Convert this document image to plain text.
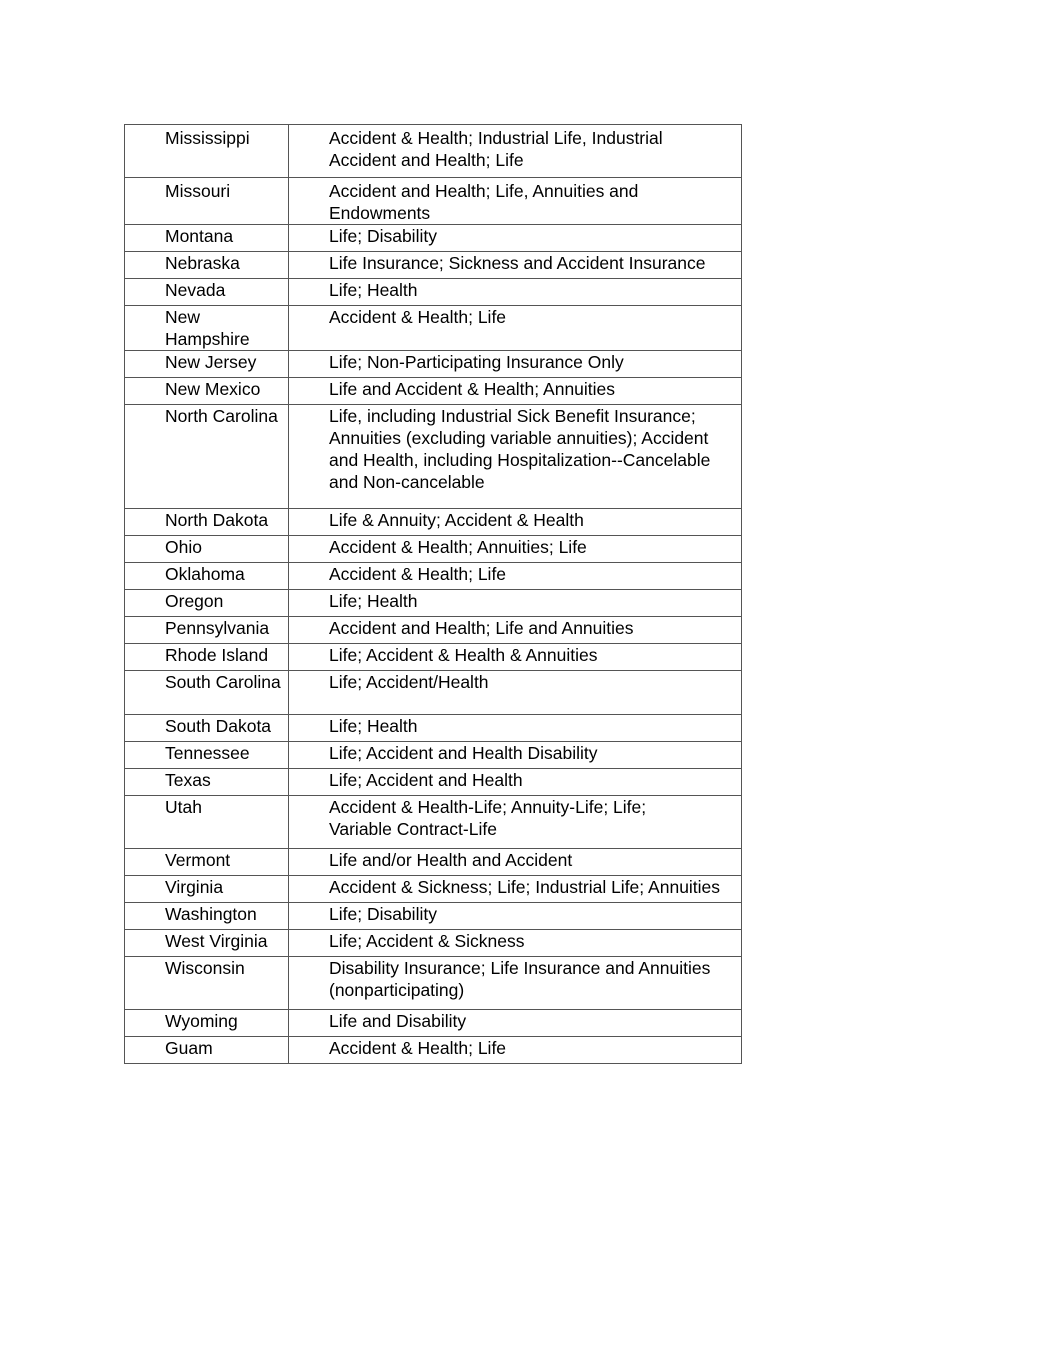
Mississippi	Accident & Health; Industrial Life, Industrial
Accident and Health; Life

Missouri	Accident and Health; Life, Annuities and
Endowments

Montana	Life; Disability

Nebraska	Life Insurance; Sickness and Accident Insurance

Nevada	Life; Health

New Hampshire	Accident & Health; Life

New Jersey	Life; Non-Participating Insurance Only

New Mexico	Life and Accident & Health; Annuities

North Carolina	Life, including Industrial Sick Benefit Insurance;
Annuities (excluding variable annuities); Accident
and Health, including Hospitalization--Cancelable
and Non-cancelable

North Dakota	Life & Annuity; Accident & Health

Ohio	Accident & Health; Annuities; Life

Oklahoma	Accident & Health; Life

Oregon	Life; Health

Pennsylvania	Accident and Health; Life and Annuities

Rhode Island	Life; Accident & Health & Annuities

South Carolina	Life; Accident/Health

South Dakota	Life; Health

Tennessee	Life; Accident and Health Disability

Texas	Life; Accident and Health

Utah	Accident & Health-Life; Annuity-Life; Life;
Variable Contract-Life

Vermont	Life and/or Health and Accident

Virginia	Accident & Sickness; Life; Industrial Life; Annuities

Washington	Life; Disability

West Virginia	Life; Accident & Sickness

Wisconsin	Disability Insurance; Life Insurance and Annuities
(nonparticipating)

Wyoming	Life and Disability

Guam	Accident & Health; Life
